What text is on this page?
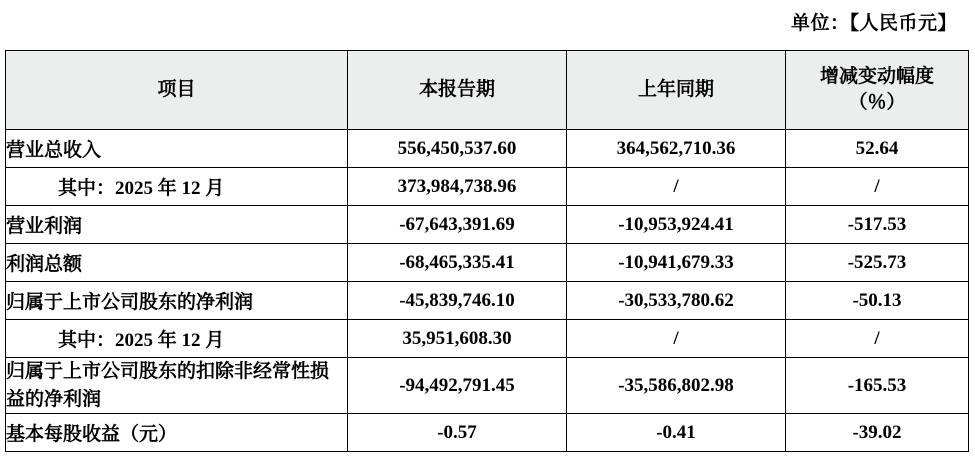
单位：【人民币元】
项目	本报告期	上年同期	增减变动幅度
（％）

营业总收入	556,450,537.60	364,562,710.36	52.64
其中：2025 年 12 月	373,984,738.96	/	/
营业利润	-67,643,391.69	-10,953,924.41	-517.53
利润总额	-68,465,335.41	-10,941,679.33	-525.73
归属于上市公司股东的净利润	-45,839,746.10	-30,533,780.62	-50.13
其中：2025 年 12 月	35,951,608.30	/	/
归属于上市公司股东的扣除非经常性损益的净利润	-94,492,791.45	-35,586,802.98	-165.53
基本每股收益（元）	-0.57	-0.41	-39.02
